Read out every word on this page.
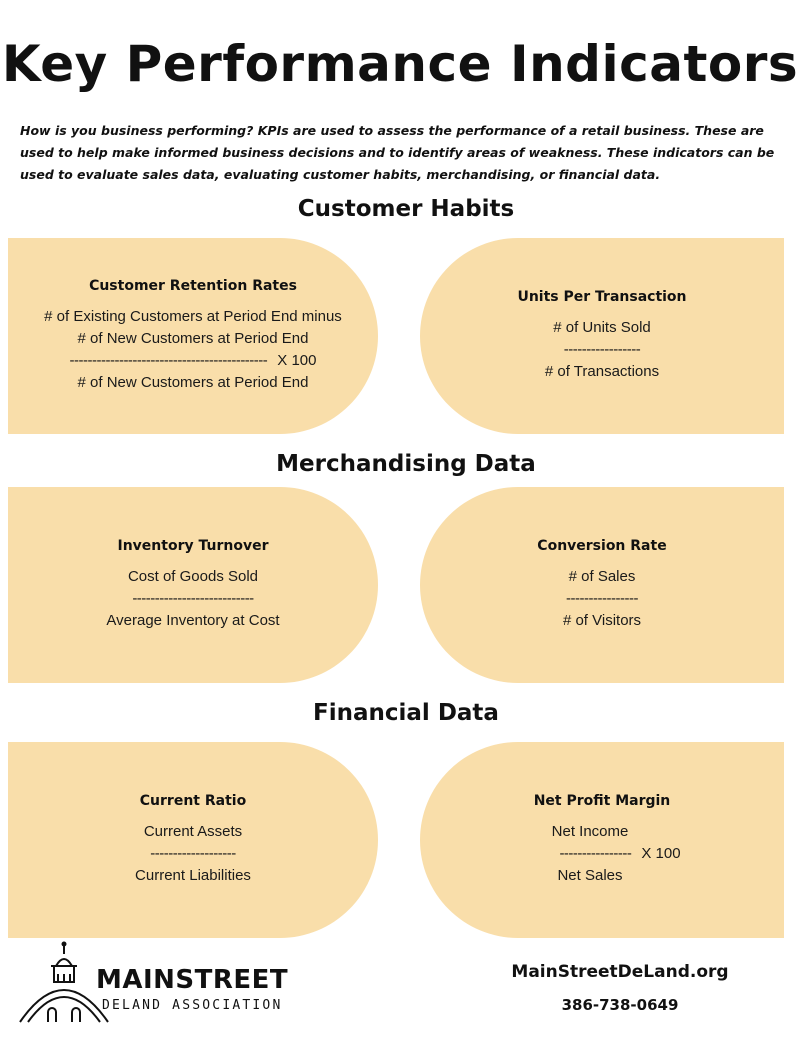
Key Performance Indicators

How is you business performing? KPIs are used to assess the performance of a retail business. These are used to help make informed business decisions and to identify areas of weakness. These indicators can be used to evaluate sales data, evaluating customer habits, merchandising, or financial data.

Customer Habits
Customer Retention Rates
# of Existing Customers at Period End minus
# of New Customers at Period End
-------------------------------------------- X 100
# of New Customers at Period End
Units Per Transaction
# of Units Sold
-----------------
# of Transactions
Merchandising Data
Inventory Turnover
Cost of Goods Sold
---------------------------
Average Inventory at Cost
Conversion Rate
# of Sales
----------------
# of Visitors
Financial Data
Current Ratio
Current Assets
-------------------
Current Liabilities
Net Profit Margin
Net Income
---------------- X 100
Net Sales
MAINSTREET
DELAND ASSOCIATION
MainStreetDeLand.org
386-738-0649
